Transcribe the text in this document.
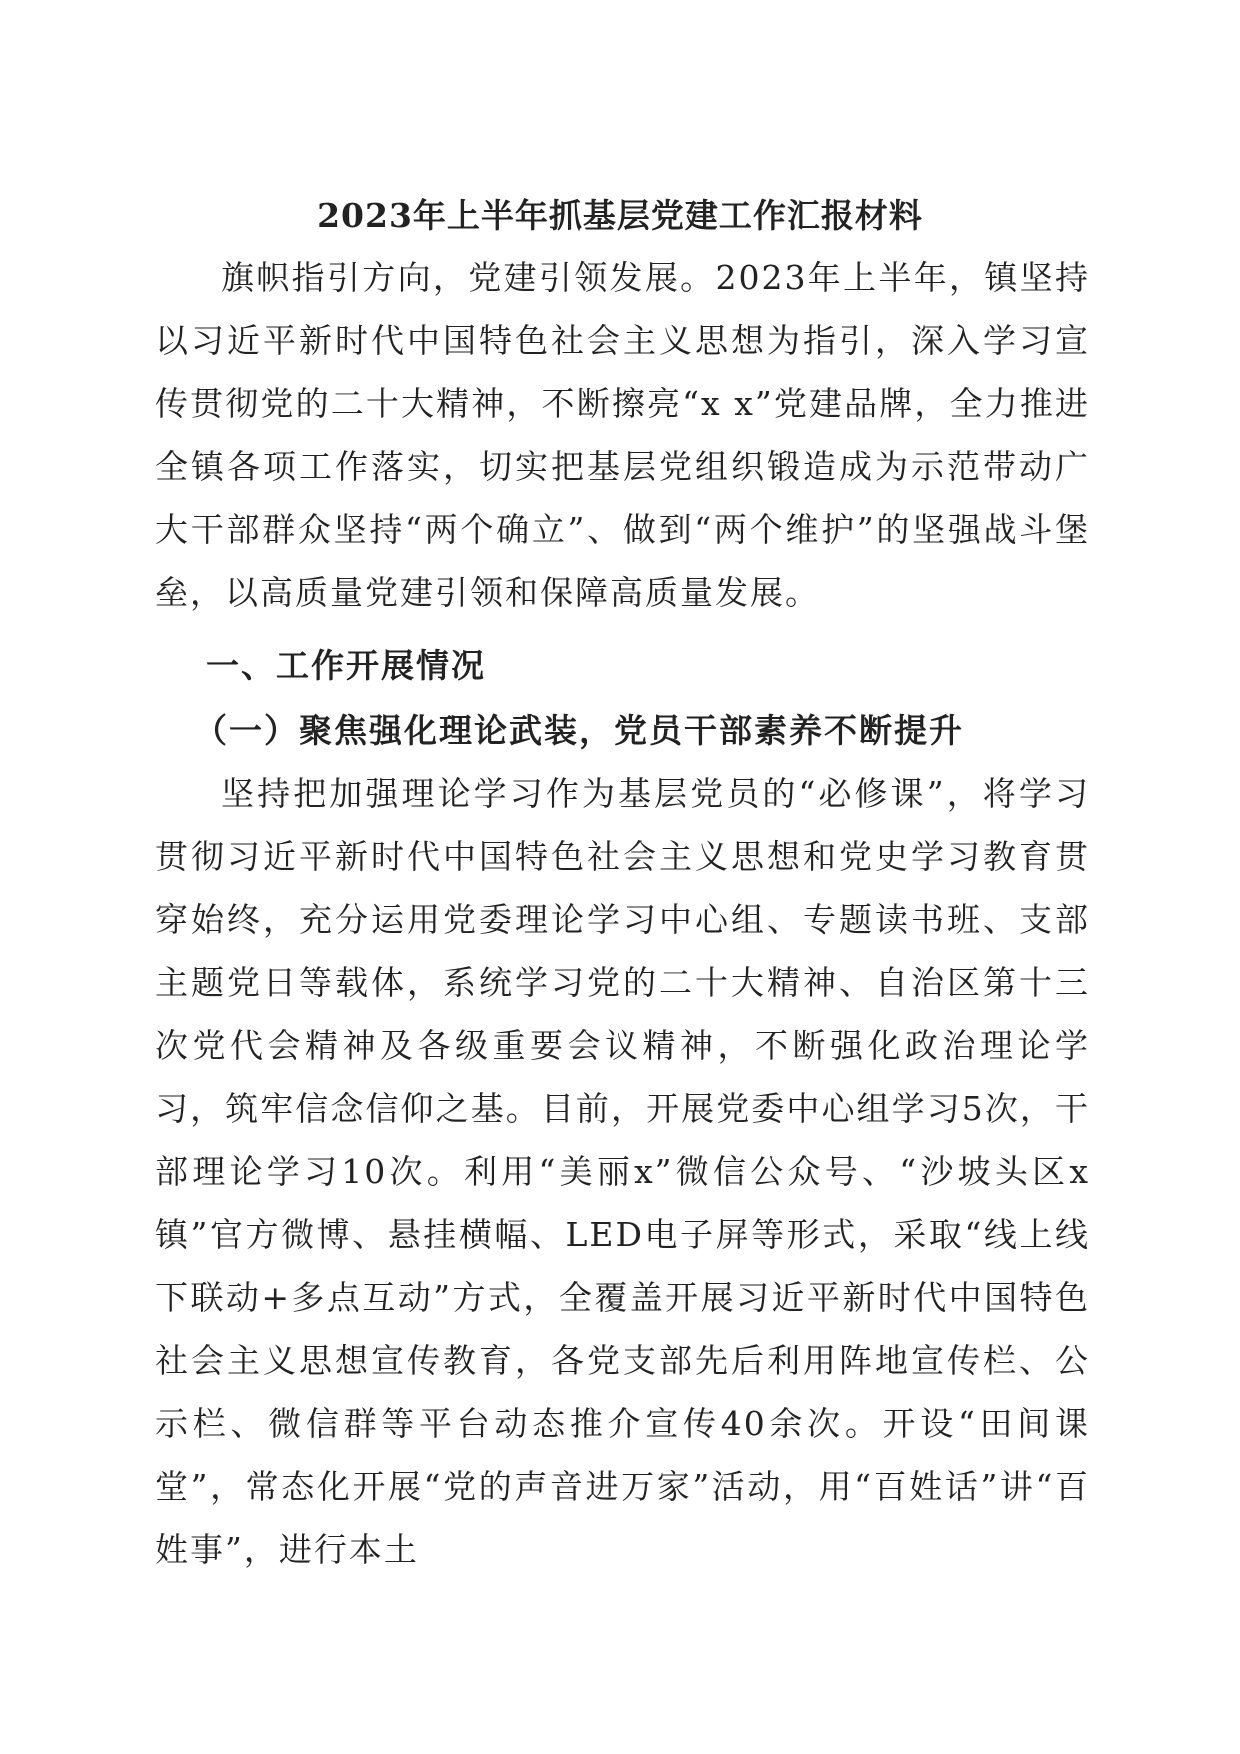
2023年上半年抓基层党建工作汇报材料

旗帜指引方向，党建引领发展。2023年上半年，镇坚持以习近平新时代中国特色社会主义思想为指引，深入学习宣传贯彻党的二十大精神，不断擦亮“x x”党建品牌，全力推进全镇各项工作落实，切实把基层党组织锻造成为示范带动广大干部群众坚持“两个确立”、做到“两个维护”的坚强战斗堡垒，以高质量党建引领和保障高质量发展。

一、工作开展情况
（一）聚焦强化理论武装，党员干部素养不断提升

坚持把加强理论学习作为基层党员的“必修课”，将学习贯彻习近平新时代中国特色社会主义思想和党史学习教育贯穿始终，充分运用党委理论学习中心组、专题读书班、支部主题党日等载体，系统学习党的二十大精神、自治区第十三次党代会精神及各级重要会议精神，不断强化政治理论学习，筑牢信念信仰之基。目前，开展党委中心组学习5次，干部理论学习10次。利用“美丽x”微信公众号、“沙坡头区x镇”官方微博、悬挂横幅、LED电子屏等形式，采取“线上线下联动+多点互动”方式，全覆盖开展习近平新时代中国特色社会主义思想宣传教育，各党支部先后利用阵地宣传栏、公示栏、微信群等平台动态推介宣传40余次。开设“田间课堂”，常态化开展“党的声音进万家”活动，用“百姓话”讲“百姓事”，进行本土
